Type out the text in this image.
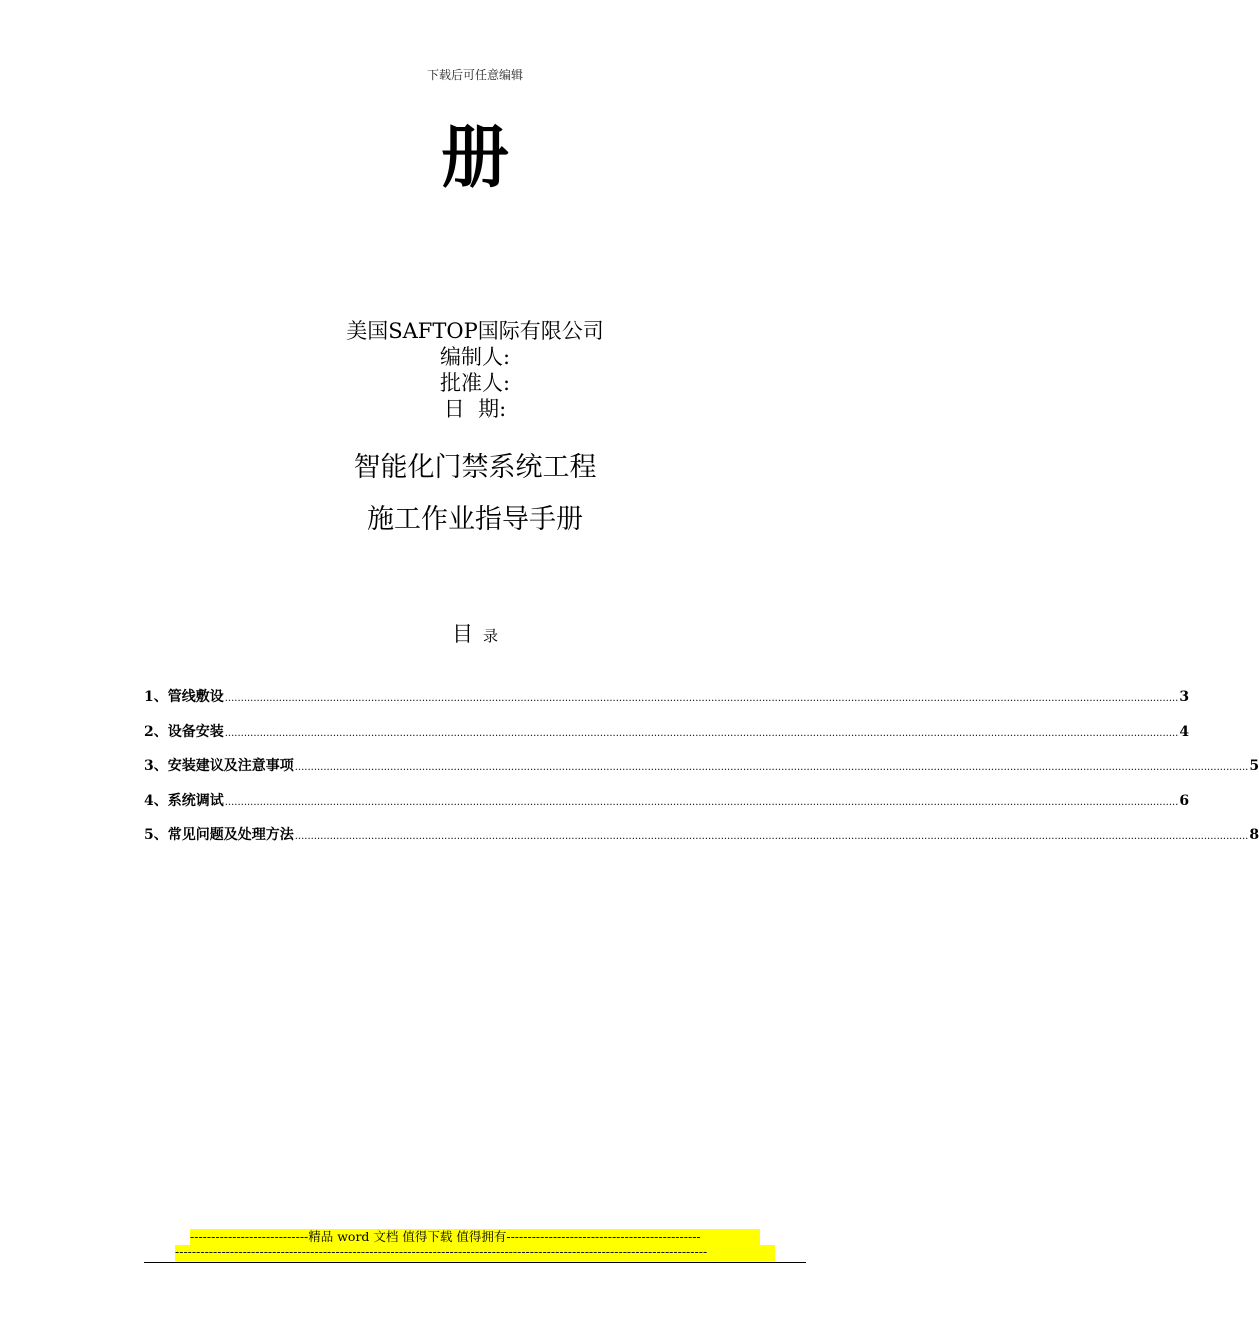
下载后可任意编辑
册
美国SAFTOP国际有限公司
编制人:
批准人:
日  期:
智能化门禁系统工程
施工作业指导手册
目 录
1、管线敷设 ............................................................................................................................................................................................................................................................................................................ 3
2、设备安装 ............................................................................................................................................................................................................................................................................................................ 4
3、安装建议及注意事项 ............................................................................................................................................................................................................................................................................................................ 5
4、系统调试 ............................................................................................................................................................................................................................................................................................................ 6
5、常见问题及处理方法 ............................................................................................................................................................................................................................................................................................................ 8
----------------------------精品 word 文档 值得下载 值得拥有----------------------------------------------
------------------------------------------------------------------------------------------------------------------------------
